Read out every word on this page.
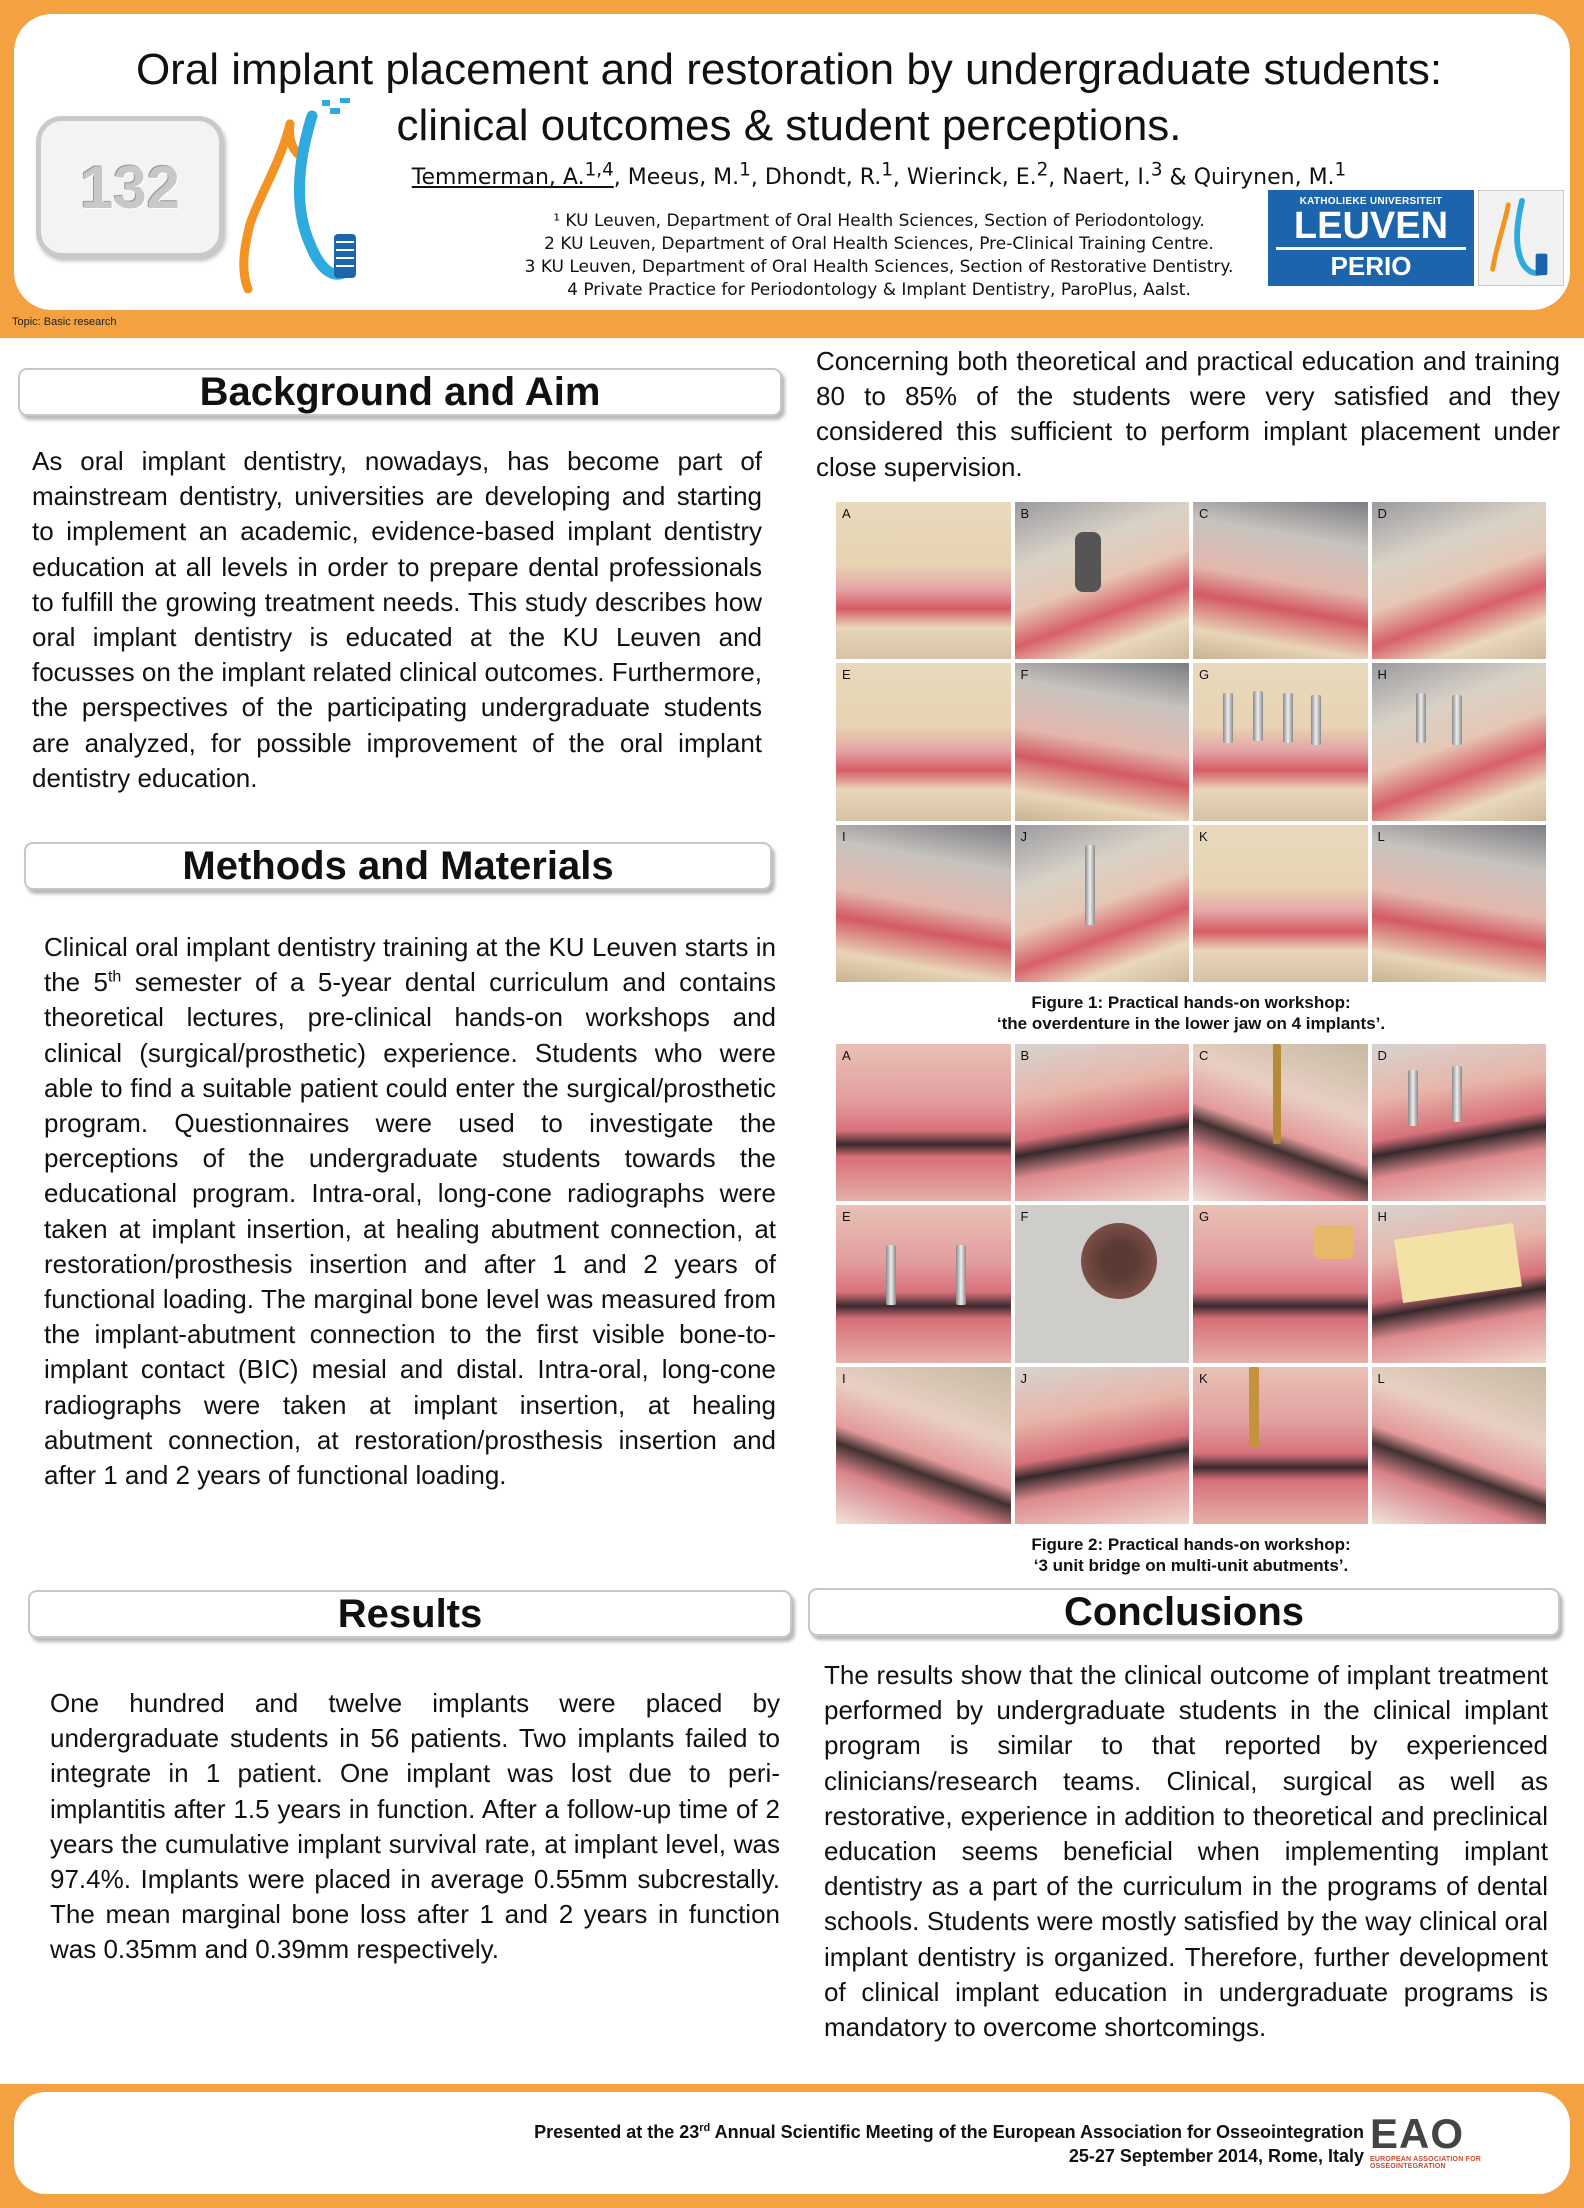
Oral implant placement and restoration by undergraduate students:
clinical outcomes & student perceptions.
132	Temmerman, A.$^{1,4}$, Meeus, M.$^1$, Dhondt, R.$^1$, Wierinck, E.$^2$, Naert, I.$^3$ & Quirynen, M.$^1$
¹ KU Leuven, Department of Oral Health Sciences, Section of Periodontology.
2 KU Leuven, Department of Oral Health Sciences, Pre-Clinical Training Centre.
3 KU Leuven, Department of Oral Health Sciences, Section of Restorative Dentistry.
4 Private Practice for Periodontology & Implant Dentistry, ParoPlus, Aalst.
KATHOLIEKE UNIVERSITEIT
LEUVEN
PERIO
Topic: Basic research
Background and Aim
As oral implant dentistry, nowadays, has become part of mainstream dentistry, universities are developing and starting to implement an academic, evidence-based implant dentistry education at all levels in order to prepare dental professionals to fulfill the growing treatment needs. This study describes how oral implant dentistry is educated at the KU Leuven and focusses on the implant related clinical outcomes. Furthermore, the perspectives of the participating undergraduate students are analyzed, for possible improvement of the oral implant dentistry education.
Methods and Materials
Clinical oral implant dentistry training at the KU Leuven starts in the 5th semester of a 5-year dental curriculum and contains theoretical lectures, pre-clinical hands-on workshops and clinical (surgical/prosthetic) experience. Students who were able to find a suitable patient could enter the surgical/prosthetic program. Questionnaires were used to investigate the perceptions of the undergraduate students towards the educational program. Intra-oral, long-cone radiographs were taken at implant insertion, at healing abutment connection, at restoration/prosthesis insertion and after 1 and 2 years of functional loading. The marginal bone level was measured from the implant-abutment connection to the first visible bone-to-implant contact (BIC) mesial and distal. Intra-oral, long-cone radiographs were taken at implant insertion, at healing abutment connection, at restoration/prosthesis insertion and after 1 and 2 years of functional loading.
Results
One hundred and twelve implants were placed by undergraduate students in 56 patients. Two implants failed to integrate in 1 patient. One implant was lost due to peri-implantitis after 1.5 years in function. After a follow-up time of 2 years the cumulative implant survival rate, at implant level, was 97.4%. Implants were placed in average 0.55mm subcrestally. The mean marginal bone loss after 1 and 2 years in function was 0.35mm and 0.39mm respectively.
Concerning both theoretical and practical education and training 80 to 85% of the students were very satisfied and they considered this sufficient to perform implant placement under close supervision.
A	B	C	D
E	F	G	H
I	J	K	L
Figure 1: Practical hands-on workshop:
‘the overdenture in the lower jaw on 4 implants’.
A	B	C	D
E	F	G	H
I	J	K	L
Figure 2: Practical hands-on workshop:
‘3 unit bridge on multi-unit abutments’.
Conclusions
The results show that the clinical outcome of implant treatment performed by undergraduate students in the clinical implant program is similar to that reported by experienced clinicians/research teams. Clinical, surgical as well as restorative, experience in addition to theoretical and preclinical education seems beneficial when implementing implant dentistry as a part of the curriculum in the programs of dental schools. Students were mostly satisfied by the way clinical oral implant dentistry is organized. Therefore, further development of clinical implant education in undergraduate programs is mandatory to overcome shortcomings.
Presented at the 23rd Annual Scientific Meeting of the European Association for Osseointegration
25-27 September 2014, Rome, Italy EAO
EUROPEAN ASSOCIATION FOR OSSEOINTEGRATION
